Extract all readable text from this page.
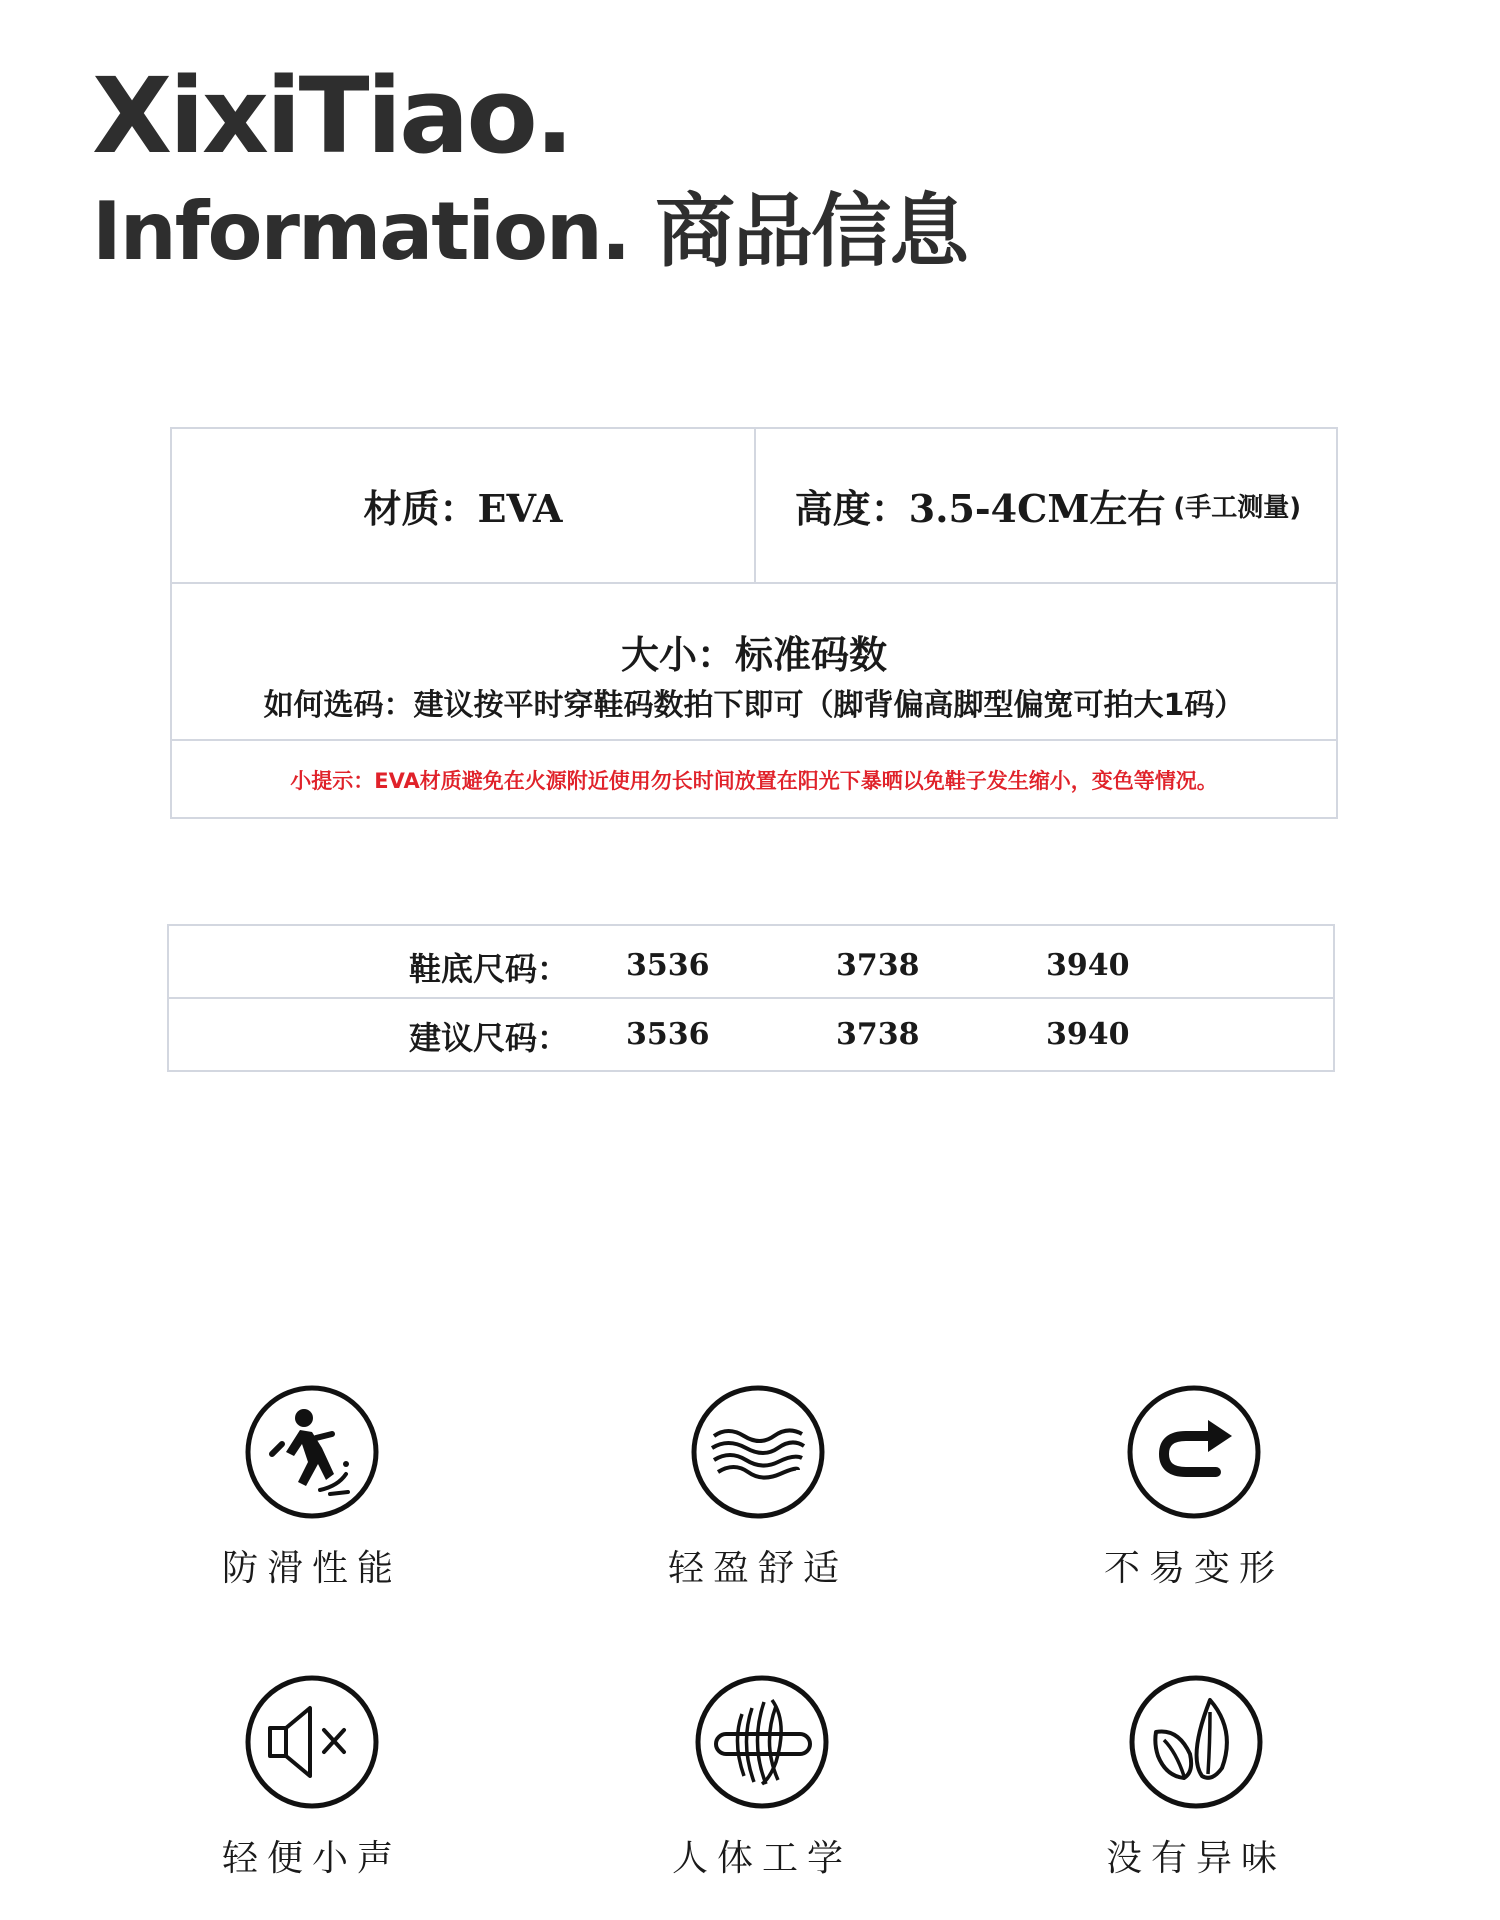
XixiTiao.
Information. 商品信息
材质：EVA	高度：3.5-4CM左右 (手工测量)
大小：标准码数
如何选码：建议按平时穿鞋码数拍下即可（脚背偏高脚型偏宽可拍大1码）
小提示：EVA材质避免在火源附近使用勿长时间放置在阳光下暴晒以免鞋子发生缩小，变色等情况。
鞋底尺码： 3536	3738	3940
建议尺码： 3536	3738	3940
防滑性能	轻盈舒适	不易变形
轻便小声	人体工学	没有异味
